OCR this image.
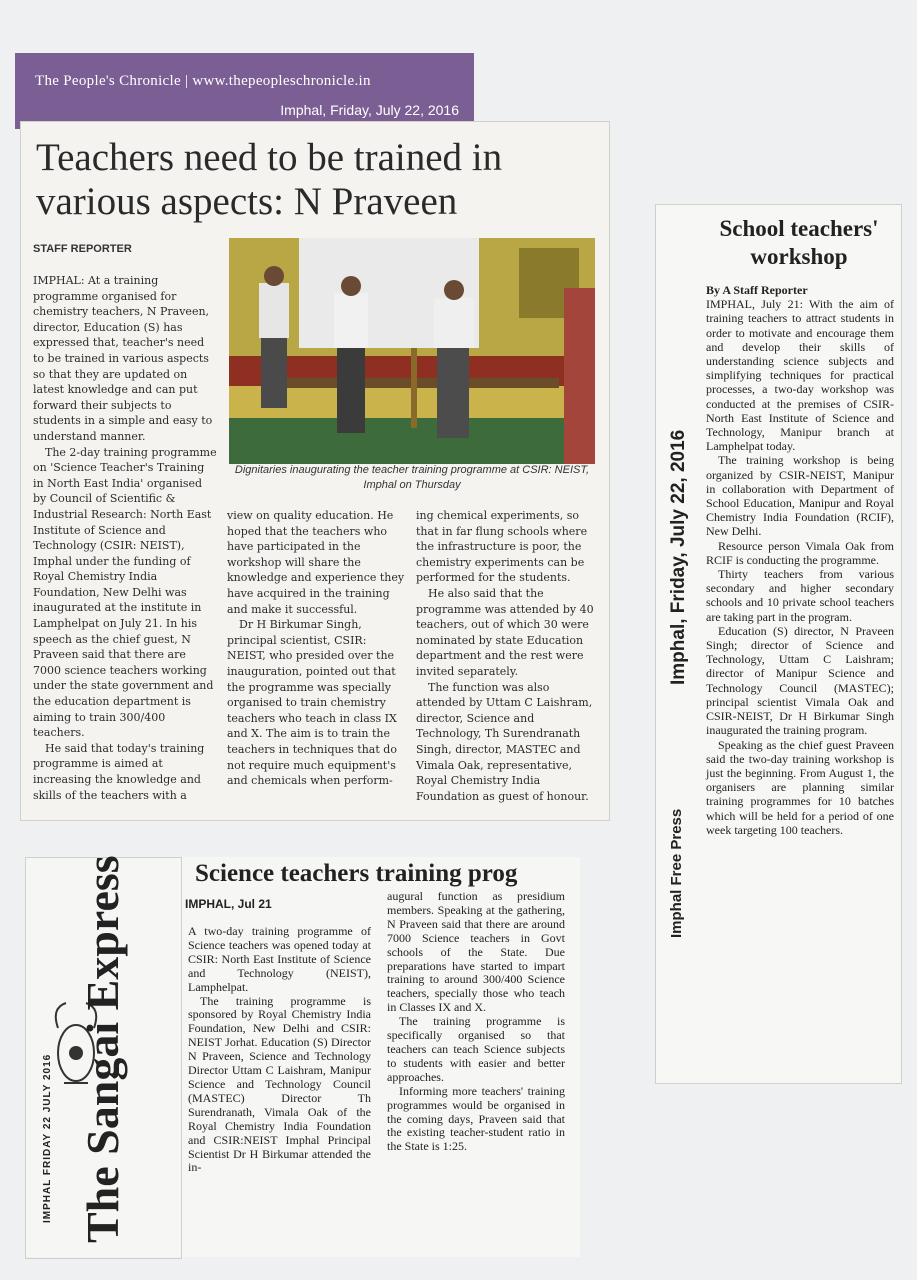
The People's Chronicle | www.thepeopleschronicle.in
Imphal, Friday, July 22, 2016
Teachers need to be trained in various aspects: N Praveen
STAFF REPORTER
Dignitaries inaugurating the teacher training programme at CSIR: NEIST, Imphal on Thursday

IMPHAL: At a training programme organised for chemistry teachers, N Praveen, director, Education (S) has expressed that, teacher's need to be trained in various aspects so that they are updated on latest knowledge and can put forward their subjects to students in a simple and easy to understand manner.

The 2-day training programme on 'Science Teacher's Training in North East India' organised by Council of Scientific & Industrial Research: North East Institute of Science and Technology (CSIR: NEIST), Imphal under the funding of Royal Chemistry India Foundation, New Delhi was inaugurated at the institute in Lamphelpat on July 21. In his speech as the chief guest, N Praveen said that there are 7000 science teachers working under the state government and the education department is aiming to train 300/400 teachers.

He said that today's training programme is aimed at increasing the knowledge and skills of the teachers with a

view on quality education. He hoped that the teachers who have participated in the workshop will share the knowledge and experience they have acquired in the training and make it successful.

Dr H Birkumar Singh, principal scientist, CSIR: NEIST, who presided over the inauguration, pointed out that the programme was specially organised to train chemistry teachers who teach in class IX and X. The aim is to train the teachers in techniques that do not require much equipment's and chemicals when perform-

ing chemical experiments, so that in far flung schools where the infrastructure is poor, the chemistry experiments can be performed for the students.

He also said that the programme was attended by 40 teachers, out of which 30 were nominated by state Education department and the rest were invited separately.

The function was also attended by Uttam C Laishram, director, Science and Technology, Th Surendranath Singh, director, MASTEC and Vimala Oak, representative, Royal Chemistry India Foundation as guest of honour.

Imphal, Friday, July 22, 2016
Imphal Free Press
School teachers' workshop

By A Staff Reporter

IMPHAL, July 21: With the aim of training teachers to attract students in order to motivate and encourage them and develop their skills of understanding science subjects and simplifying techniques for practical processes, a two-day workshop was conducted at the premises of CSIR-North East Institute of Science and Technology, Manipur branch at Lamphelpat today.

The training workshop is being organized by CSIR-NEIST, Manipur in collaboration with Department of School Education, Manipur and Royal Chemistry India Foundation (RCIF), New Delhi.

Resource person Vimala Oak from RCIF is conducting the programme.

Thirty teachers from various secondary and higher secondary schools and 10 private school teachers are taking part in the program.

Education (S) director, N Praveen Singh; director of Science and Technology, Uttam C Laishram; director of Manipur Science and Technology Council (MASTEC); principal scientist Vimala Oak and CSIR-NEIST, Dr H Birkumar Singh inaugurated the training program.

Speaking as the chief guest Praveen said the two-day training workshop is just the beginning. From August 1, the organisers are planning similar training programmes for 10 batches which will be held for a period of one week targeting 100 teachers.

IMPHAL FRIDAY 22 JULY 2016 The Sangai Express	Science teachers training prog
IMPHAL, Jul 21

A two-day training programme of Science teachers was opened today at CSIR: North East Institute of Science and Technology (NEIST), Lamphelpat.

The training programme is sponsored by Royal Chemistry India Foundation, New Delhi and CSIR: NEIST Jorhat. Education (S) Director N Praveen, Science and Technology Director Uttam C Laishram, Manipur Science and Technology Council (MASTEC) Director Th Surendranath, Vimala Oak of the Royal Chemistry India Foundation and CSIR:NEIST Imphal Principal Scientist Dr H Birkumar attended the in-

augural function as presidium members. Speaking at the gathering, N Praveen said that there are around 7000 Science teachers in Govt schools of the State. Due preparations have started to impart training to around 300/400 Science teachers, specially those who teach in Classes IX and X.

The training programme is specifically organised so that teachers can teach Science subjects to students with easier and better approaches.

Informing more teachers' training programmes would be organised in the coming days, Praveen said that the existing teacher-student ratio in the State is 1:25.
